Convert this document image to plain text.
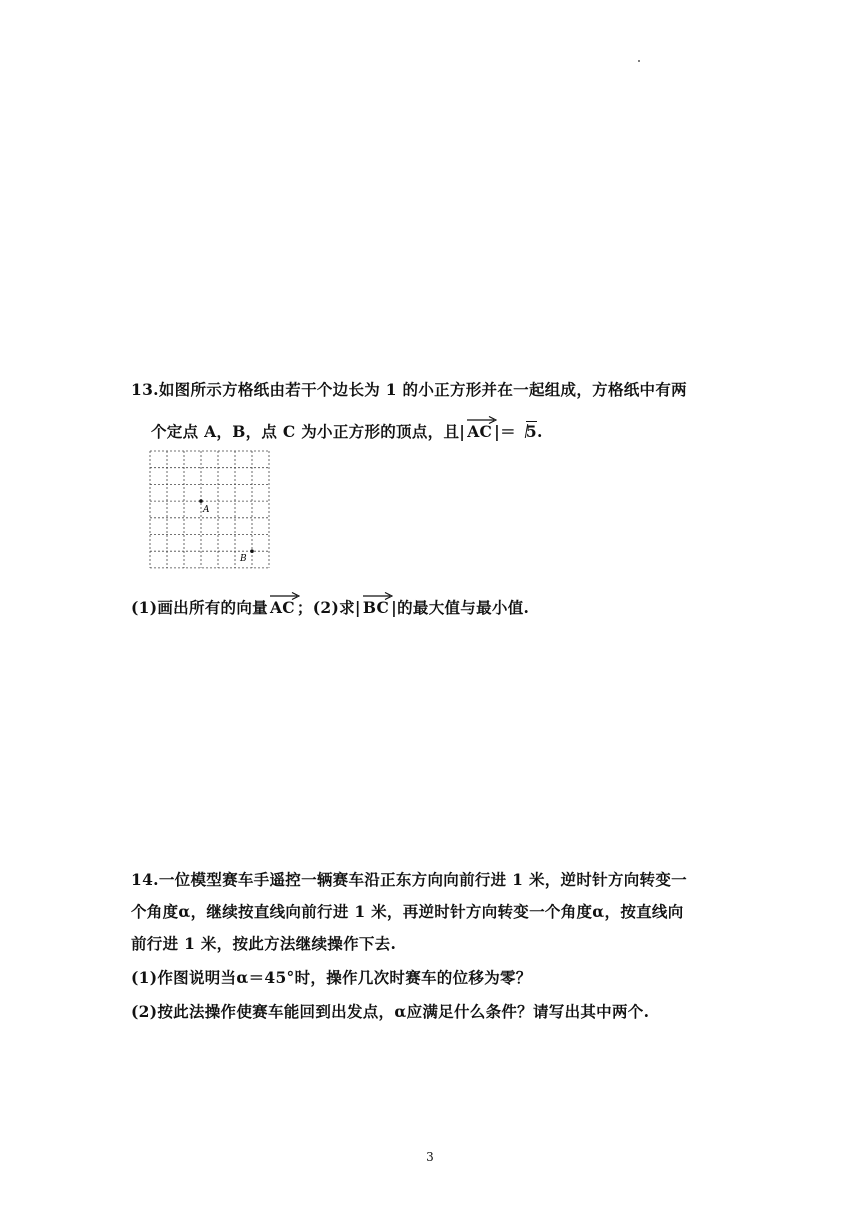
13.如图所示方格纸由若干个边长为 1 的小正方形并在一起组成，方格纸中有两
个定点 A，B，点 C 为小正方形的顶点，且| AC |＝ 5.
A
B
(1)画出所有的向量 AC ；(2)求| BC |的最大值与最小值.
14.一位模型赛车手遥控一辆赛车沿正东方向向前行进 1 米，逆时针方向转变一
个角度α，继续按直线向前行进 1 米，再逆时针方向转变一个角度α，按直线向
前行进 1 米，按此方法继续操作下去.
(1)作图说明当α＝45°时，操作几次时赛车的位移为零？
(2)按此法操作使赛车能回到出发点，α应满足什么条件？请写出其中两个.
3
